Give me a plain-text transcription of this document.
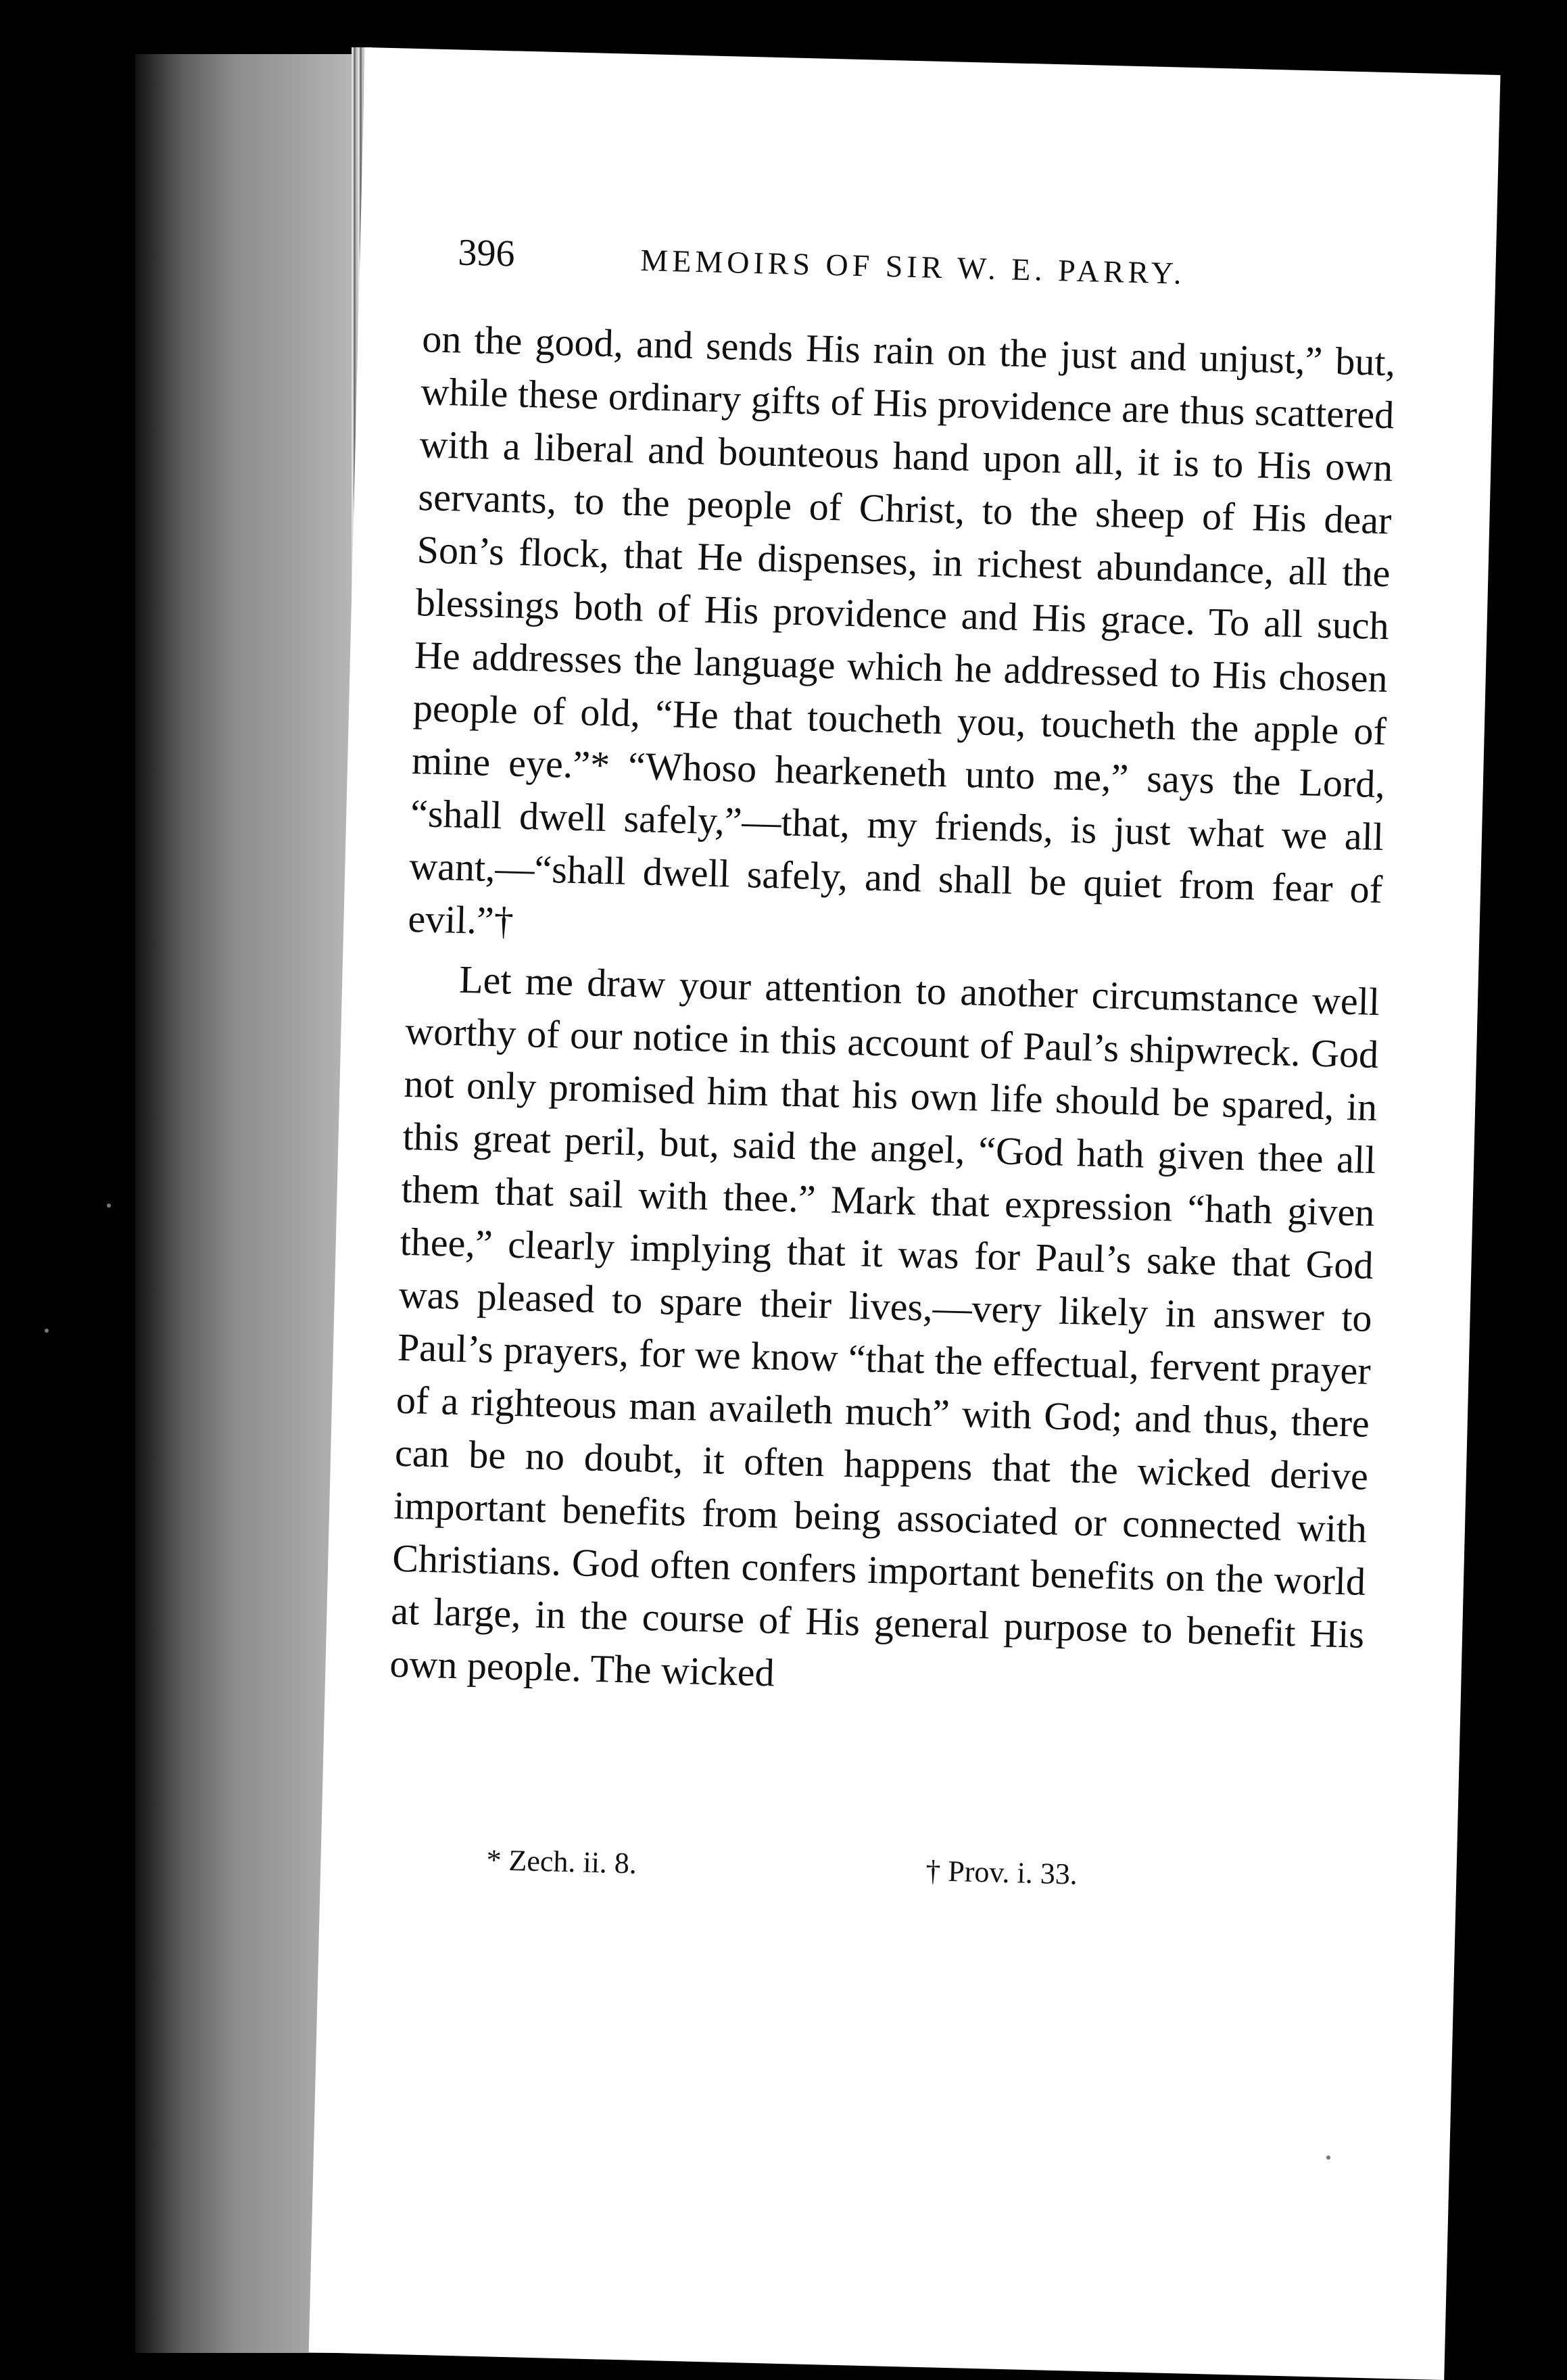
396	MEMOIRS OF SIR W. E. PARRY.

on the good, and sends His rain on the just and unjust,” but, while these ordinary gifts of His providence are thus scattered with a liberal and bounteous hand upon all, it is to His own servants, to the people of Christ, to the sheep of His dear Son’s flock, that He dispenses, in richest abundance, all the blessings both of His providence and His grace. To all such He addresses the language which he addressed to His chosen people of old, “He that toucheth you, toucheth the apple of mine eye.”* “Whoso hearkeneth unto me,” says the Lord, “shall dwell safely,”—that, my friends, is just what we all want,—“shall dwell safely, and shall be quiet from fear of evil.”†

Let me draw your attention to another circumstance well worthy of our notice in this account of Paul’s shipwreck. God not only promised him that his own life should be spared, in this great peril, but, said the angel, “God hath given thee all them that sail with thee.” Mark that expression “hath given thee,” clearly implying that it was for Paul’s sake that God was pleased to spare their lives,—very likely in answer to Paul’s prayers, for we know “that the effectual, fervent prayer of a righteous man availeth much” with God; and thus, there can be no doubt, it often happens that the wicked derive important benefits from being associated or connected with Christians. God often confers important benefits on the world at large, in the course of His general purpose to benefit His own people. The wicked

* Zech. ii. 8.	† Prov. i. 33.
